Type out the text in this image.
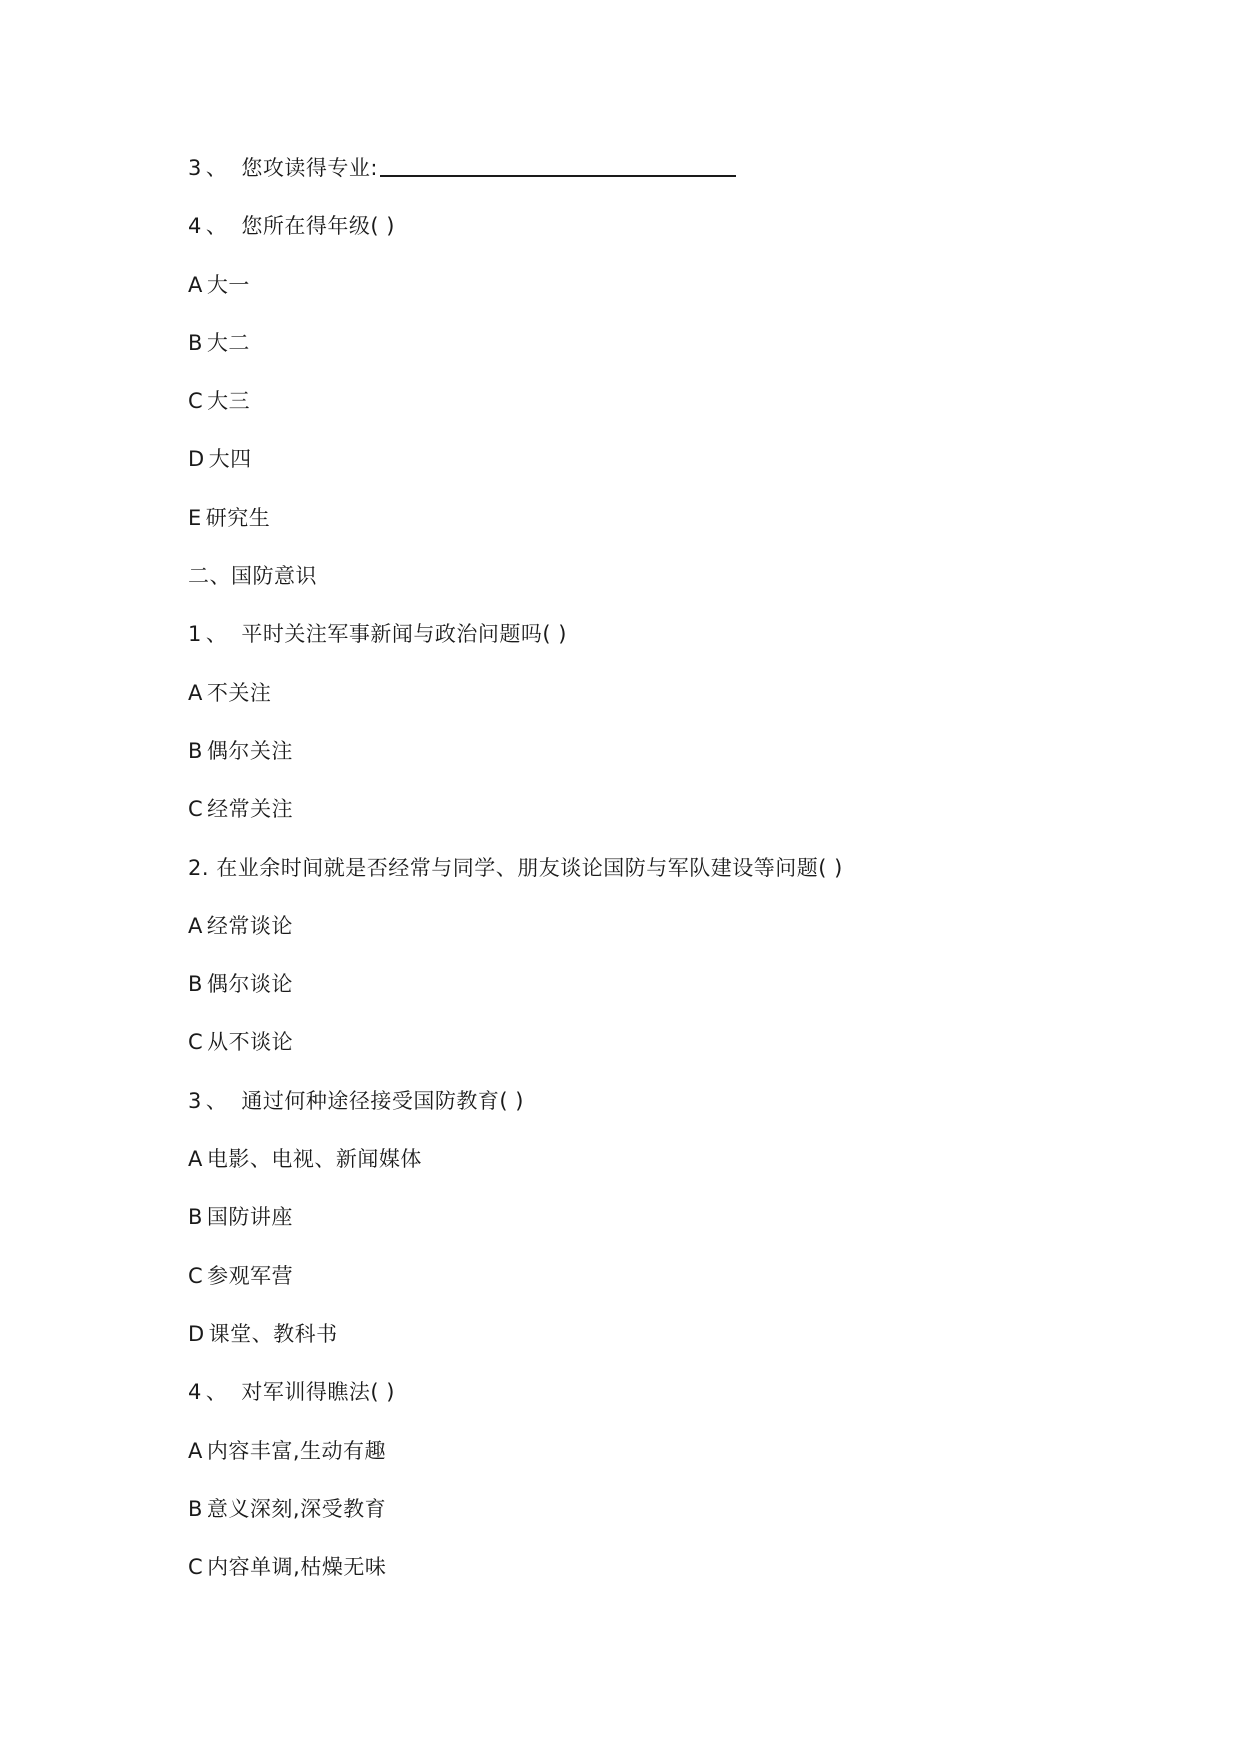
3 、 您攻读得专业:
4 、 您所在得年级( )
A 大一
B 大二
C 大三
D 大四
E 研究生
二、国防意识
1 、 平时关注军事新闻与政治问题吗( )
A 不关注
B 偶尔关注
C 经常关注
2. 在业余时间就是否经常与同学、朋友谈论国防与军队建设等问题( )
A 经常谈论
B 偶尔谈论
C 从不谈论
3 、 通过何种途径接受国防教育( )
A 电影、电视、新闻媒体
B 国防讲座
C 参观军营
D 课堂、教科书
4 、 对军训得瞧法( )
A 内容丰富,生动有趣
B 意义深刻,深受教育
C 内容单调,枯燥无味
